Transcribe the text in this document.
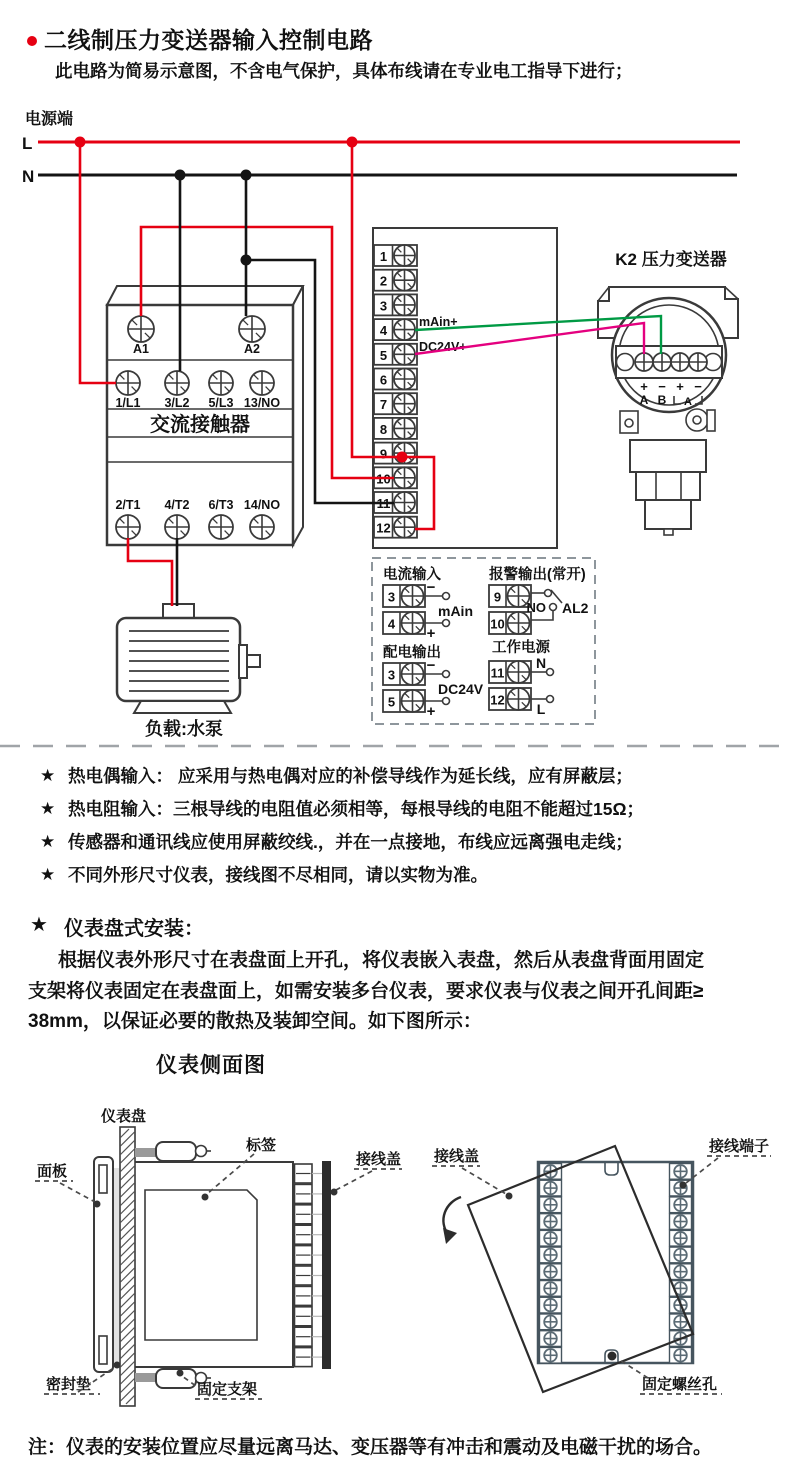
二线制压力变送器输入控制电路
此电路为简易示意图，不含电气保护，具体布线请在专业电工指导下进行；
电源端
L
N
交流接触器
A1	A2
1/L1 3/L2 5/L3 13/NO
2/T1 4/T2 6/T3 14/NO
1
2
3
4
5
6
7
8
9
10
11
12
mAin+
DC24V+
K2 压力变送器
+ − + −
A B A
负载:水泵
电流输入	报警输出(常开)
配电输出	工作电源
3
4
9
10
3
5
11
12
−
+
mAin	NO AL2
−
+
DC24V
N
L
★ 热电偶输入： 应采用与热电偶对应的补偿导线作为延长线，应有屏蔽层；
★ 热电阻输入：三根导线的电阻值必须相等，每根导线的电阻不能超过15Ω；
★ 传感器和通讯线应使用屏蔽绞线.，并在一点接地，布线应远离强电走线；
★ 不同外形尺寸仪表，接线图不尽相同，请以实物为准。
★ 仪表盘式安装：
根据仪表外形尺寸在表盘面上开孔，将仪表嵌入表盘，然后从表盘背面用固定
支架将仪表固定在表盘面上，如需安装多台仪表，要求仪表与仪表之间开孔间距≥
38mm，以保证必要的散热及装卸空间。如下图所示：
仪表侧面图
仪表盘
面板
标签
接线盖
密封垫	固定支架
接线盖
接线端子
固定螺丝孔
注：仪表的安装位置应尽量远离马达、变压器等有冲击和震动及电磁干扰的场合。
